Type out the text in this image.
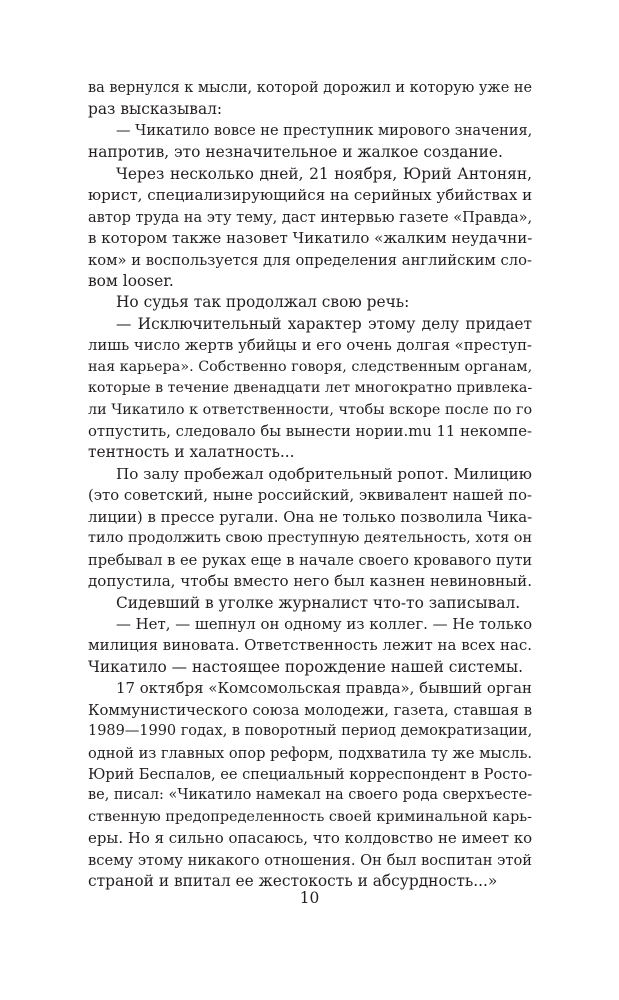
ва вернулся к мысли, которой дорожил и которую уже не
раз высказывал:
— Чикатило вовсе не преступник мирового значения,
напротив, это незначительное и жалкое создание.
Через несколько дней, 21 ноября, Юрий Антонян,
юрист, специализирующийся на серийных убийствах и
автор труда на эту тему, даст интервью газете «Правда»,
в котором также назовет Чикатило «жалким неудачни-
ком» и воспользуется для определения английским сло-
вом looser.
Но судья так продолжал свою речь:
— Исключительный характер этому делу придает
лишь число жертв убийцы и его очень долгая «преступ-
ная карьера». Собственно говоря, следственным органам,
которые в течение двенадцати лет многократно привлека-
ли Чикатило к ответственности, чтобы вскоре после по го
отпустить, следовало бы вынести нории.mu 11 некомпе-
тентность и халатность...
По залу пробежал одобрительный ропот. Милицию
(это советский, ныне российский, эквивалент нашей по-
лиции) в прессе ругали. Она не только позволила Чика-
тило продолжить свою преступную деятельность, хотя он
пребывал в ее руках еще в начале своего кровавого пути
допустила, чтобы вместо него был казнен невиновный.
Сидевший в уголке журналист что-то записывал.
— Нет, — шепнул он одному из коллег. — Не только
милиция виновата. Ответственность лежит на всех нас.
Чикатило — настоящее порождение нашей системы.
17 октября «Комсомольская правда», бывший орган
Коммунистического союза молодежи, газета, ставшая в
1989—1990 годах, в поворотный период демократизации,
одной из главных опор реформ, подхватила ту же мысль.
Юрий Беспалов, ее специальный корреспондент в Росто-
ве, писал: «Чикатило намекал на своего рода сверхъесте-
ственную предопределенность своей криминальной карь-
еры. Но я сильно опасаюсь, что колдовство не имеет ко
всему этому никакого отношения. Он был воспитан этой
страной и впитал ее жестокость и абсурдность...»
10
